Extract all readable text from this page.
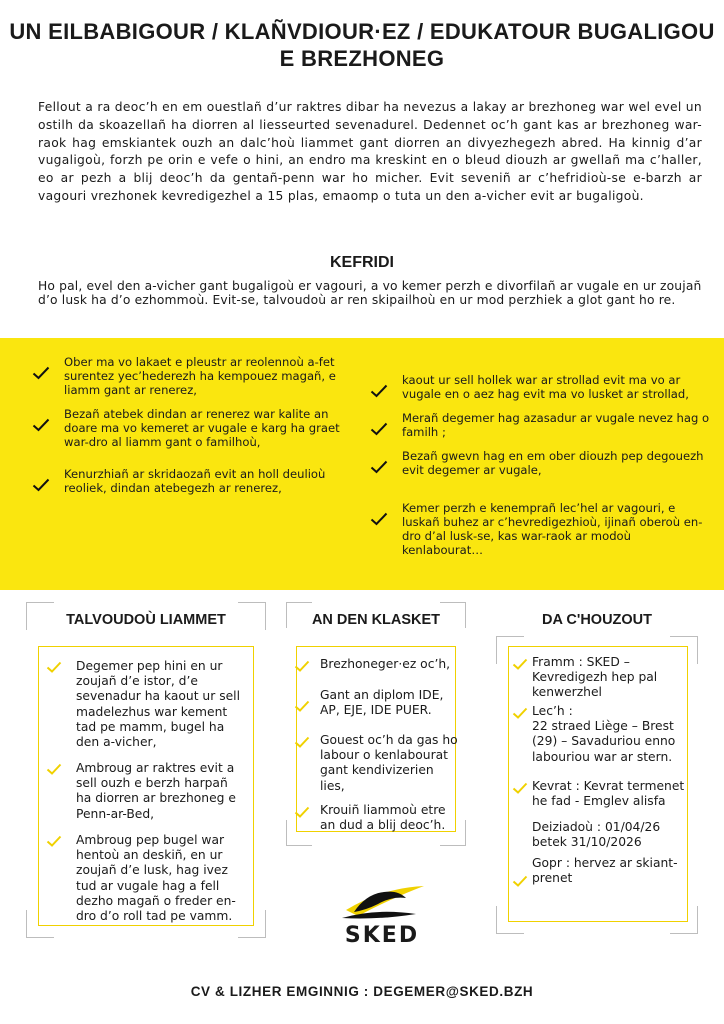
UN EILBABIGOUR / KLAÑVDIOUR·EZ / EDUKATOUR BUGALIGOU
E BREZHONEG

Fellout a ra deoc’h en em ouestlañ d’ur raktres dibar ha nevezus a lakay ar brezhoneg war wel evel un ostilh da skoazellañ ha diorren al liesseurted sevenadurel. Dedennet oc’h gant kas ar brezhoneg war-raok hag emskiantek ouzh an dalc’hoù liammet gant diorren an divyezhegezh abred. Ha kinnig d’ar vugaligoù, forzh pe orin e vefe o hini, an endro ma kreskint en o bleud diouzh ar gwellañ ma c’haller, eo ar pezh a blij deoc’h da gentañ-penn war ho micher. Evit seveniñ ar c’hefridioù-se e-barzh ar vagouri vrezhonek kevredigezhel a 15 plas, emaomp o tuta un den a-vicher evit ar bugaligoù.

KEFRIDI

Ho pal, evel den a-vicher gant bugaligoù er vagouri, a vo kemer perzh e divorfilañ ar vugale en ur zoujañ d’o lusk ha d’o ezhommoù. Evit-se, talvoudoù ar ren skipailhoù en ur mod perzhiek a glot gant ho re.

Ober ma vo lakaet e pleustr ar reolennoù a-fet surentez yec’hederezh ha kempouez magañ, e liamm gant ar renerez,
Bezañ atebek dindan ar renerez war kalite an doare ma vo kemeret ar vugale e karg ha graet war-dro al liamm gant o familhoù,
Kenurzhiañ ar skridaozañ evit an holl deulioù reoliek, dindan atebegezh ar renerez,
kaout ur sell hollek war ar strollad evit ma vo ar vugale en o aez hag evit ma vo lusket ar strollad,
Merañ degemer hag azasadur ar vugale nevez hag o familh ;
Bezañ gwevn hag en em ober diouzh pep degouezh evit degemer ar vugale,
Kemer perzh e kenemprañ lec’hel ar vagouri, e luskañ buhez ar c’hevredigezhioù, ijinañ oberoù en-dro d’al lusk-se, kas war-raok ar modoù kenlabourat…
TALVOUDOÙ LIAMMET	AN DEN KLASKET	DA C'HOUZOUT
Degemer pep hini en ur zoujañ d’e istor, d’e sevenadur ha kaout ur sell madelezhus war kement tad pe mamm, bugel ha den a-vicher,
Ambroug ar raktres evit a sell ouzh e berzh harpañ ha diorren ar brezhoneg e Penn-ar-Bed,
Ambroug pep bugel war hentoù an deskiñ, en ur zoujañ d’e lusk, hag ivez tud ar vugale hag a fell dezho magañ o freder en-dro d’o roll tad pe vamm.
Brezhoneger·ez oc’h,
Gant an diplom IDE, AP, EJE, IDE PUER.
Gouest oc’h da gas ho labour o kenlabourat gant kendivizerien lies,
Krouiñ liammoù etre an dud a blij deoc’h.
SKED
Framm : SKED – Kevredigezh hep pal kenwerzhel
Lec’h :
22 straed Liège – Brest (29) – Savaduriou enno labouriou war ar stern.
Kevrat : Kevrat termenet he fad - Emglev alisfa
Deiziadoù : 01/04/26 betek 31/10/2026
Gopr : hervez ar skiant-prenet
CV & LIZHER EMGINNIG : DEGEMER@SKED.BZH
